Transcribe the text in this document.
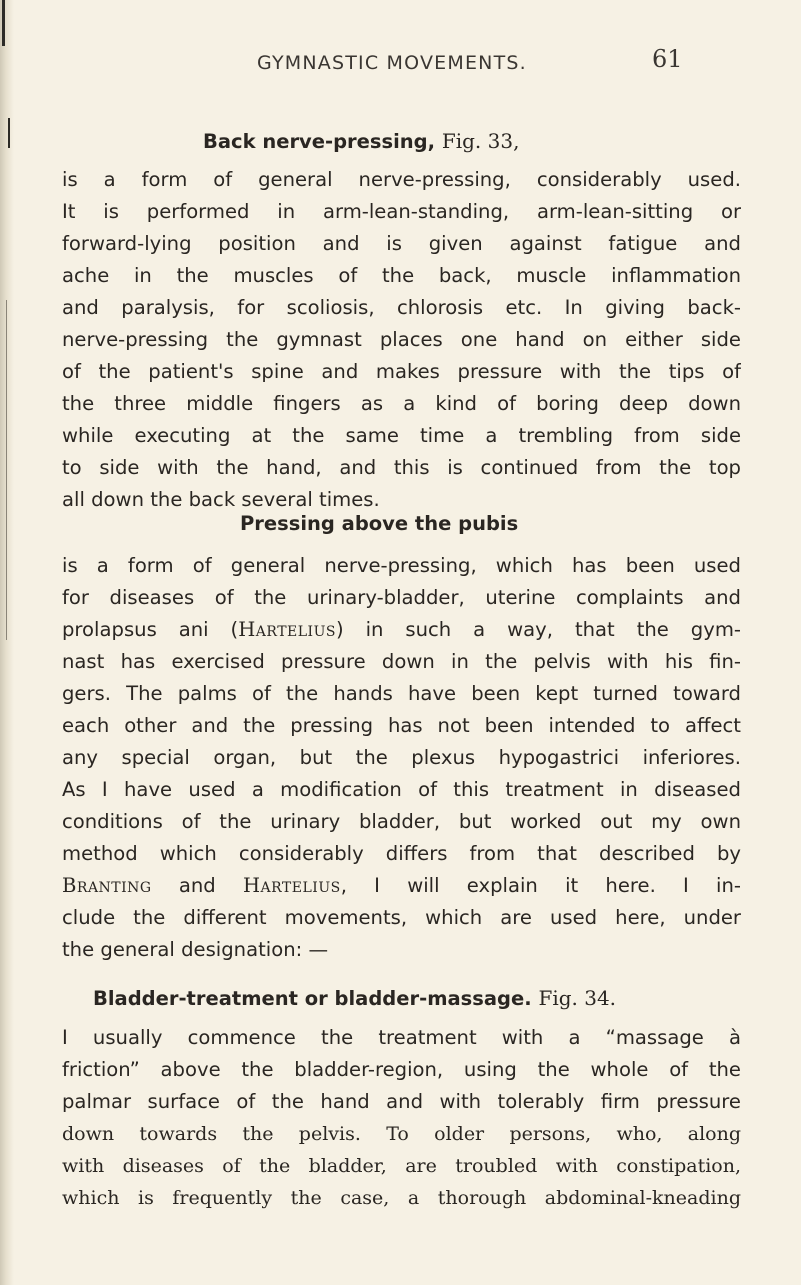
GYMNASTIC MOVEMENTS.	61
Back nerve-pressing, Fig. 33,
is a form of general nerve-pressing, considerably used.
It is performed in arm-lean-standing, arm-lean-sitting or
forward-lying position and is given against fatigue and
ache in the muscles of the back, muscle inflammation
and paralysis, for scoliosis, chlorosis etc. In giving back-
nerve-pressing the gymnast places one hand on either side
of the patient's spine and makes pressure with the tips of
the three middle fingers as a kind of boring deep down
while executing at the same time a trembling from side
to side with the hand, and this is continued from the top
all down the back several times.
Pressing above the pubis
is a form of general nerve-pressing, which has been used
for diseases of the urinary-bladder, uterine complaints and
prolapsus ani (Hartelius) in such a way, that the gym-
nast has exercised pressure down in the pelvis with his fin-
gers. The palms of the hands have been kept turned toward
each other and the pressing has not been intended to affect
any special organ, but the plexus hypogastrici inferiores.
As I have used a modification of this treatment in diseased
conditions of the urinary bladder, but worked out my own
method which considerably differs from that described by
Branting and Hartelius, I will explain it here. I in-
clude the different movements, which are used here, under
the general designation: —
Bladder-treatment or bladder-massage. Fig. 34.
I usually commence the treatment with a “massage à
friction” above the bladder-region, using the whole of the
palmar surface of the hand and with tolerably firm pressure
down towards the pelvis. To older persons, who, along
with diseases of the bladder, are troubled with constipation,
which is frequently the case, a thorough abdominal-kneading
